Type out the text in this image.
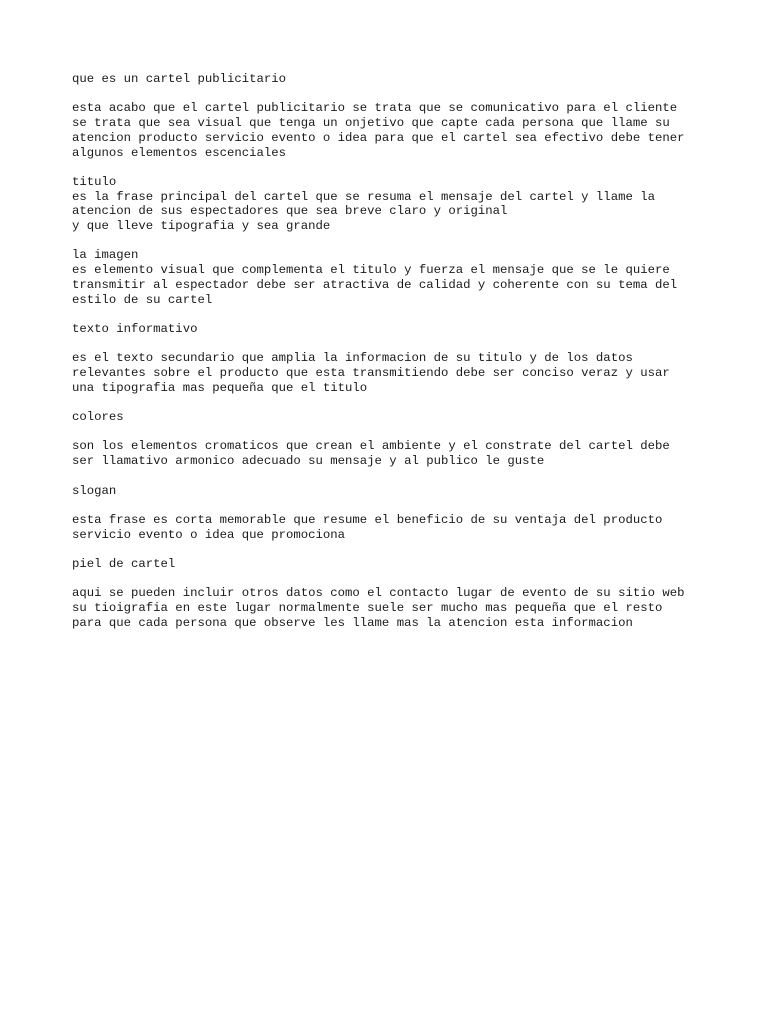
que es un cartel publicitario

esta acabo que el cartel publicitario se trata que se comunicativo para el cliente
se trata que sea visual que tenga un onjetivo que capte cada persona que llame su
atencion producto servicio evento o idea para que el cartel sea efectivo debe tener
algunos elementos escenciales

titulo
es la frase principal del cartel que se resuma el mensaje del cartel y llame la
atencion de sus espectadores que sea breve claro y original
y que lleve tipografia y sea grande

la imagen
es elemento visual que complementa el titulo y fuerza el mensaje que se le quiere
transmitir al espectador debe ser atractiva de calidad y coherente con su tema del
estilo de su cartel

texto informativo

es el texto secundario que amplia la informacion de su titulo y de los datos
relevantes sobre el producto que esta transmitiendo debe ser conciso veraz y usar
una tipografia mas pequeña que el titulo

colores

son los elementos cromaticos que crean el ambiente y el constrate del cartel debe
ser llamativo armonico adecuado su mensaje y al publico le guste

slogan

esta frase es corta memorable que resume el beneficio de su ventaja del producto
servicio evento o idea que promociona

piel de cartel

aqui se pueden incluir otros datos como el contacto lugar de evento de su sitio web
su tioigrafia en este lugar normalmente suele ser mucho mas pequeña que el resto
para que cada persona que observe les llame mas la atencion esta informacion
